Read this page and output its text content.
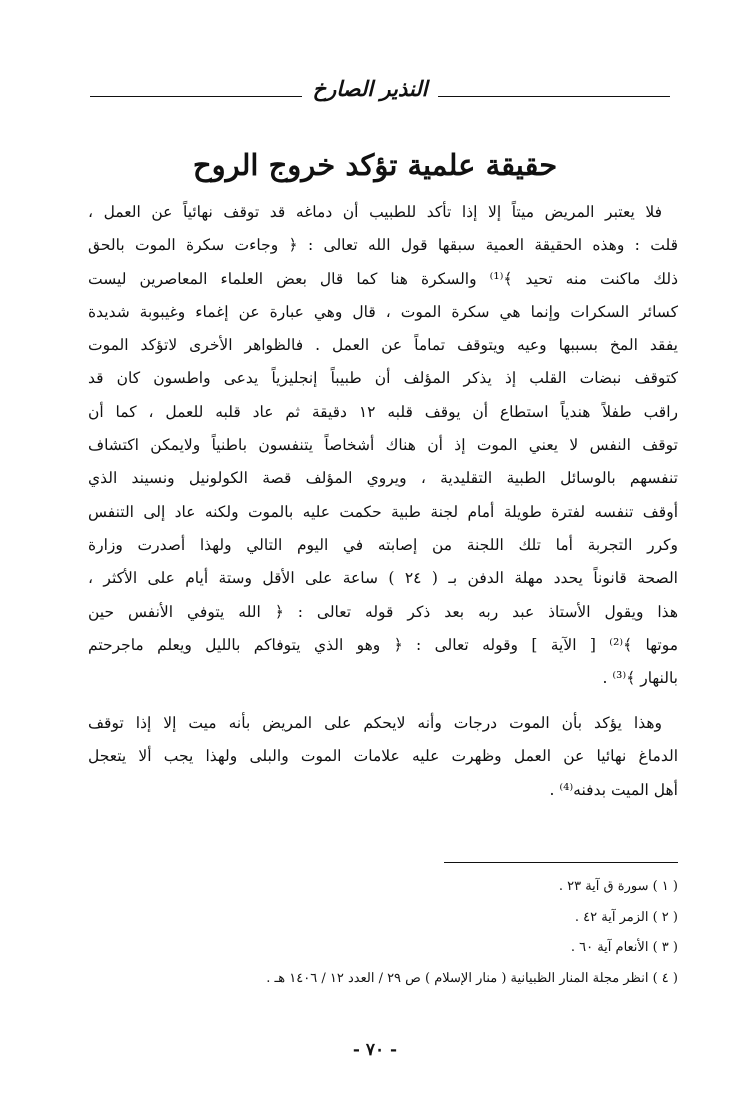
النذير الصارخ
حقيقة علمية تؤكد خروج الروح
فلا يعتبر المريض ميتاً إلا إذا تأكد للطبيب أن دماغه قد توقف نهائياً عن العمل ،
قلت : وهذه الحقيقة العمية سبقها قول الله تعالى : ﴿ وجاءت سكرة الموت بالحق
ذلك ماكنت منه تحيد ﴾⁽¹⁾ والسكرة هنا كما قال بعض العلماء المعاصرين ليست
كسائر السكرات وإنما هي سكرة الموت ، قال وهي عبارة عن إغماء وغيبوبة شديدة
يفقد المخ بسببها وعيه ويتوقف تماماً عن العمل . فالظواهر الأخرى لاتؤكد الموت
كتوقف نبضات القلب إذ يذكر المؤلف أن طبيباً إنجليزياً يدعى واطسون كان قد
راقب طفلاً هندياً استطاع أن يوقف قلبه ١٢ دقيقة ثم عاد قلبه للعمل ، كما أن
توقف النفس لا يعني الموت إذ أن هناك أشخاصاً يتنفسون باطنياً ولايمكن اكتشاف
تنفسهم بالوسائل الطبية التقليدية ، ويروي المؤلف قصة الكولونيل ونسيند الذي
أوقف تنفسه لفترة طويلة أمام لجنة طبية حكمت عليه بالموت ولكنه عاد إلى التنفس
وكرر التجربة أما تلك اللجنة من إصابته في اليوم التالي ولهذا أصدرت وزارة
الصحة قانوناً يحدد مهلة الدفن بـ ( ٢٤ ) ساعة على الأقل وستة أيام على الأكثر ،
هذا ويقول الأستاذ عبد ربه بعد ذكر قوله تعالى : ﴿ الله يتوفي الأنفس حين
موتها ﴾⁽²⁾ [ الآية ] وقوله تعالى : ﴿ وهو الذي يتوفاكم بالليل ويعلم ماجرحتم
بالنهار ﴾⁽³⁾ .
وهذا يؤكد بأن الموت درجات وأنه لايحكم على المريض بأنه ميت إلا إذا توقف
الدماغ نهائيا عن العمل وظهرت عليه علامات الموت والبلى ولهذا يجب ألا يتعجل
أهل الميت بدفنه⁽⁴⁾ .
( ١ ) سورة ق آية ٢٣ .
( ٢ ) الزمر آية ٤٢ .
( ٣ ) الأنعام آية ٦٠ .
( ٤ ) انظر مجلة المنار الظبيانية ( منار الإسلام ) ص ٢٩ / العدد ١٢ / ١٤٠٦ هـ .
- ٧٠ -
